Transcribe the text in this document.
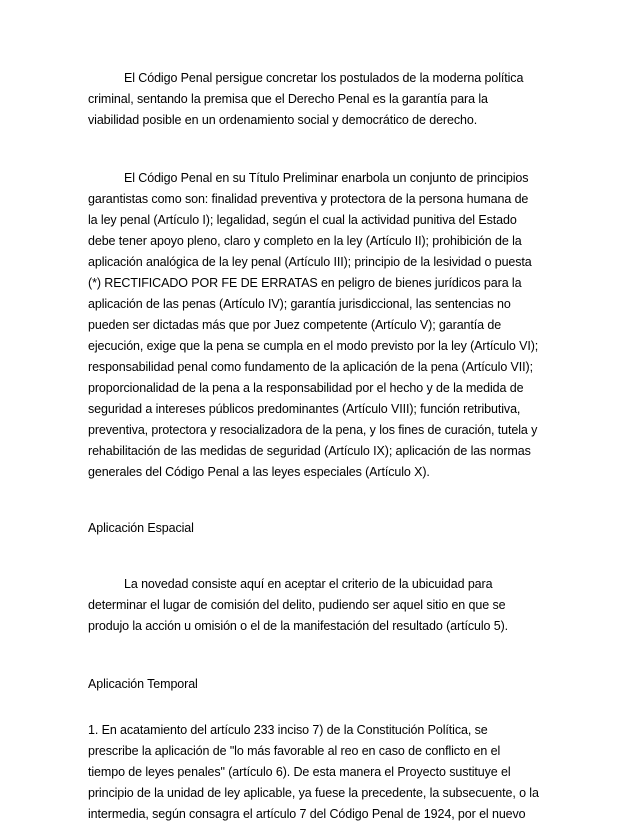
El Código Penal persigue concretar los postulados de la moderna política
criminal, sentando la premisa que el Derecho Penal es la garantía para la
viabilidad posible en un ordenamiento social y democrático de derecho.
El Código Penal en su Título Preliminar enarbola un conjunto de principios
garantistas como son: finalidad preventiva y protectora de la persona humana de
la ley penal (Artículo I); legalidad, según el cual la actividad punitiva del Estado
debe tener apoyo pleno, claro y completo en la ley (Artículo II); prohibición de la
aplicación analógica de la ley penal (Artículo III); principio de la lesividad o puesta
(*) RECTIFICADO POR FE DE ERRATAS en peligro de bienes jurídicos para la
aplicación de las penas (Artículo IV); garantía jurisdiccional, las sentencias no
pueden ser dictadas más que por Juez competente (Artículo V); garantía de
ejecución, exige que la pena se cumpla en el modo previsto por la ley (Artículo VI);
responsabilidad penal como fundamento de la aplicación de la pena (Artículo VII);
proporcionalidad de la pena a la responsabilidad por el hecho y de la medida de
seguridad a intereses públicos predominantes (Artículo VIII); función retributiva,
preventiva, protectora y resocializadora de la pena, y los fines de curación, tutela y
rehabilitación de las medidas de seguridad (Artículo IX); aplicación de las normas
generales del Código Penal a las leyes especiales (Artículo X).
Aplicación Espacial
La novedad consiste aquí en aceptar el criterio de la ubicuidad para
determinar el lugar de comisión del delito, pudiendo ser aquel sitio en que se
produjo la acción u omisión o el de la manifestación del resultado (artículo 5).
Aplicación Temporal
1. En acatamiento del artículo 233 inciso 7) de la Constitución Política, se
prescribe la aplicación de "lo más favorable al reo en caso de conflicto en el
tiempo de leyes penales" (artículo 6). De esta manera el Proyecto sustituye el
principio de la unidad de ley aplicable, ya fuese la precedente, la subsecuente, o la
intermedia, según consagra el artículo 7 del Código Penal de 1924, por el nuevo
